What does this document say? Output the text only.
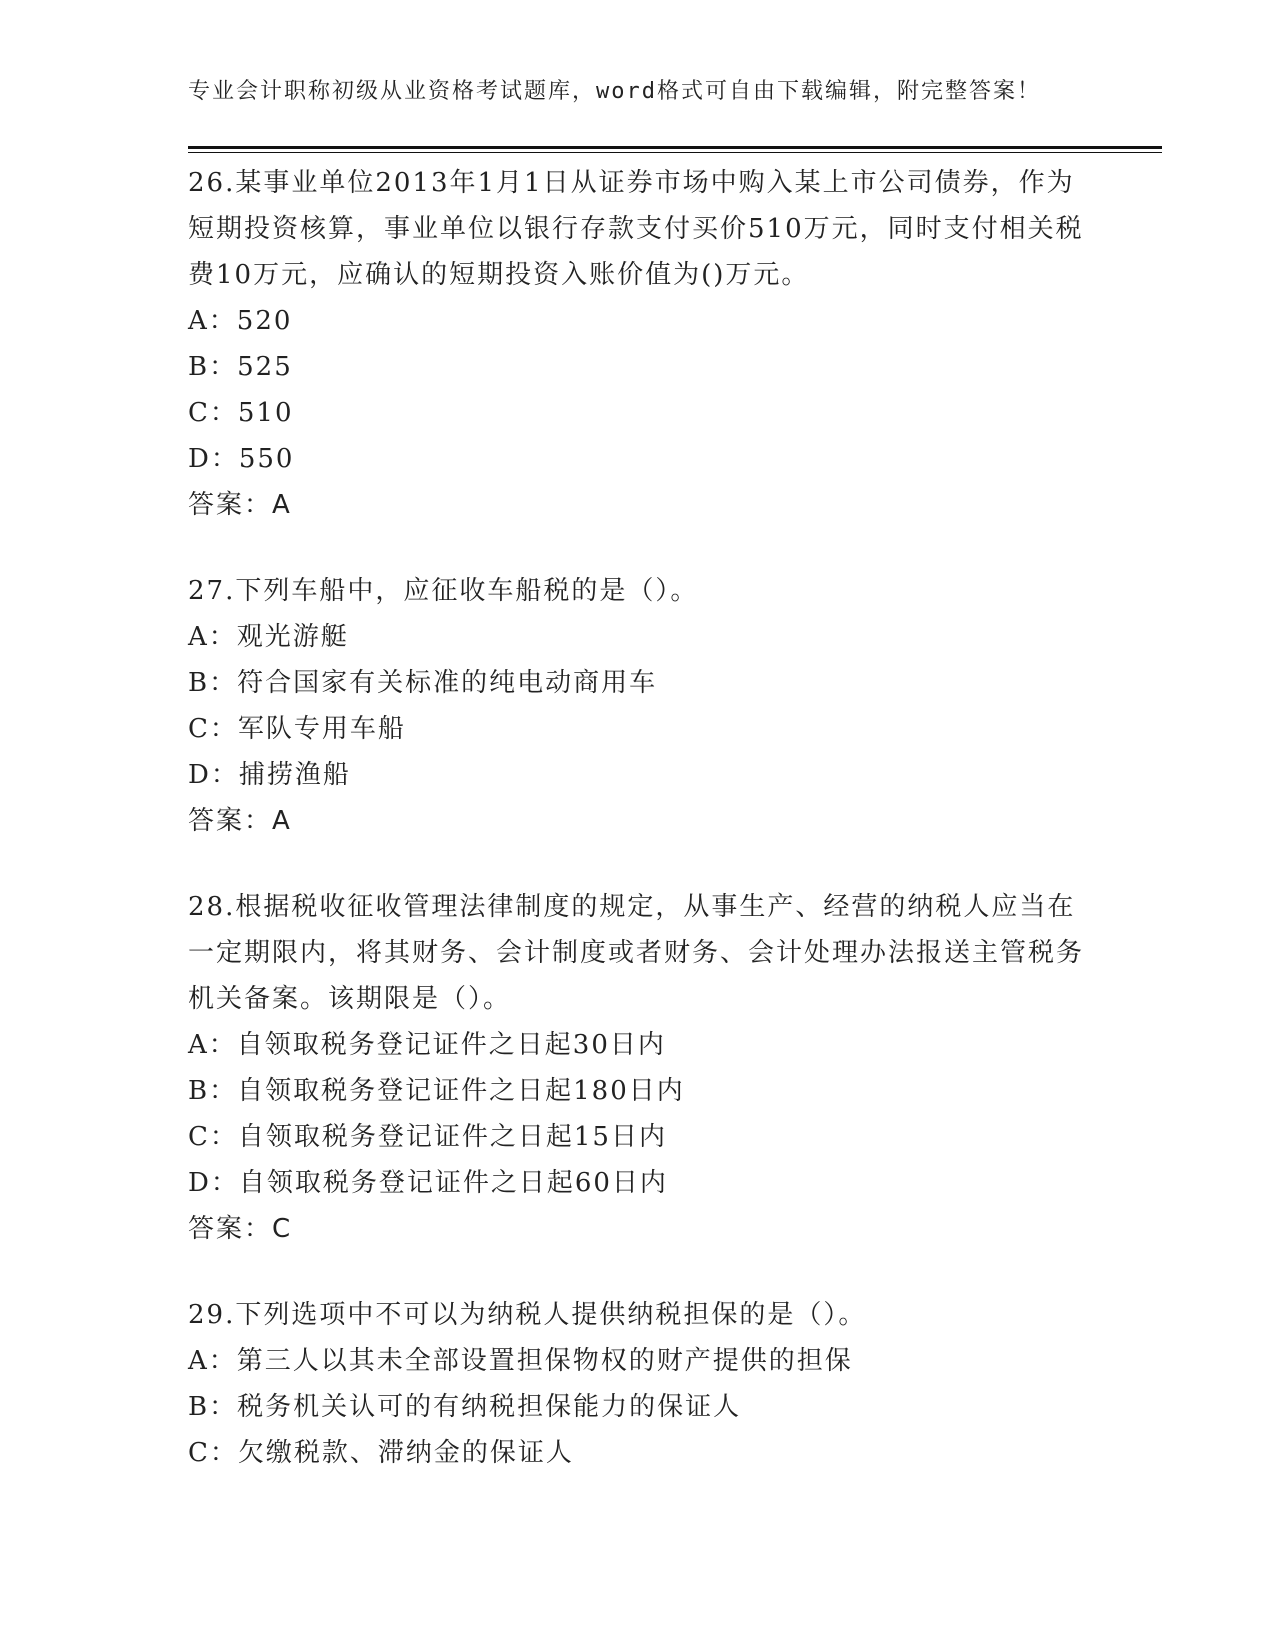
专业会计职称初级从业资格考试题库，word格式可自由下载编辑，附完整答案！

26.某事业单位2013年1月1日从证券市场中购入某上市公司债券，作为短期投资核算，事业单位以银行存款支付买价510万元，同时支付相关税费10万元，应确认的短期投资入账价值为()万元。

A：520

B：525

C：510

D：550

答案：A

27.下列车船中，应征收车船税的是（）。

A：观光游艇

B：符合国家有关标准的纯电动商用车

C：军队专用车船

D：捕捞渔船

答案：A

28.根据税收征收管理法律制度的规定，从事生产、经营的纳税人应当在一定期限内，将其财务、会计制度或者财务、会计处理办法报送主管税务机关备案。该期限是（）。

A：自领取税务登记证件之日起30日内

B：自领取税务登记证件之日起180日内

C：自领取税务登记证件之日起15日内

D：自领取税务登记证件之日起60日内

答案：C

29.下列选项中不可以为纳税人提供纳税担保的是（）。

A：第三人以其未全部设置担保物权的财产提供的担保

B：税务机关认可的有纳税担保能力的保证人

C：欠缴税款、滞纳金的保证人
